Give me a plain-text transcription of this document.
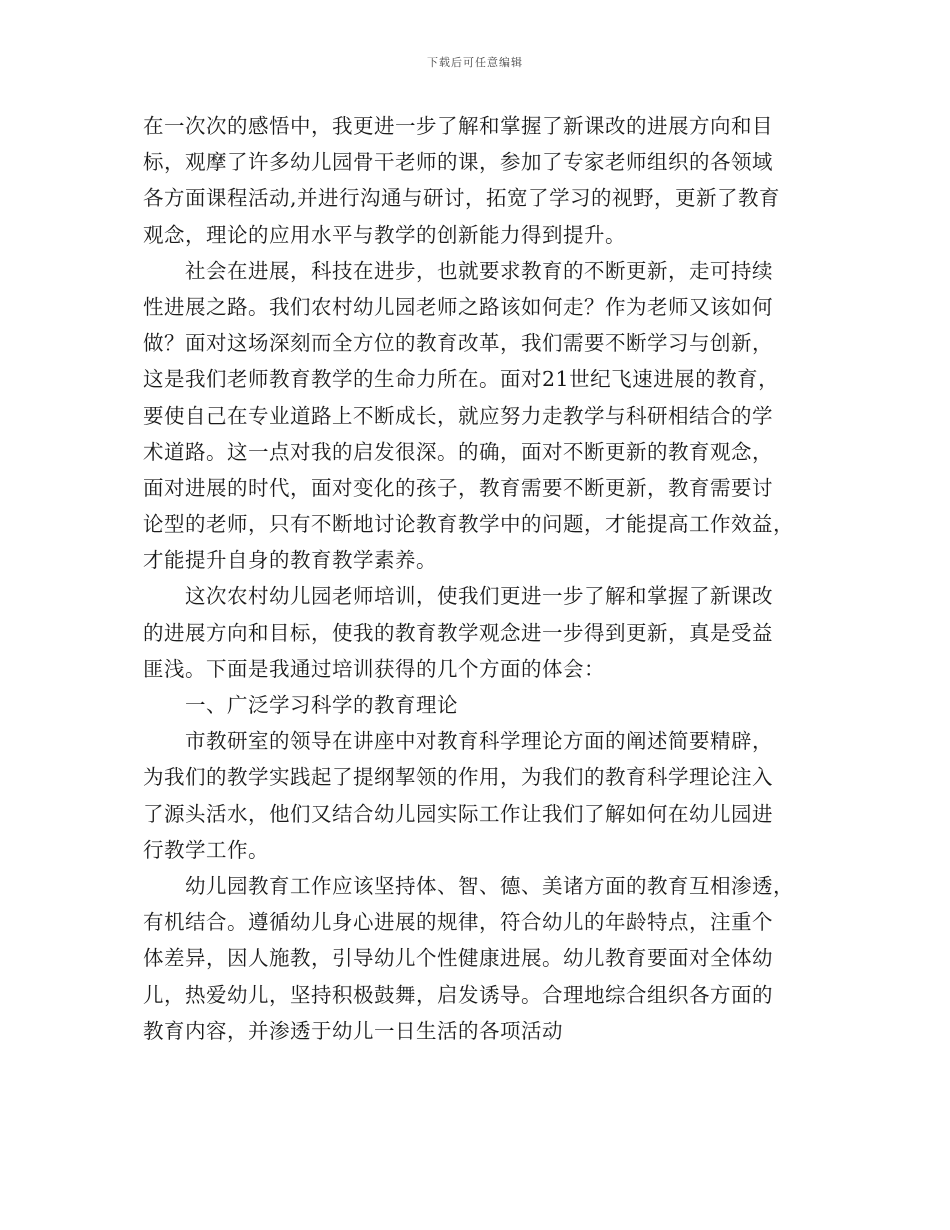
下载后可任意编辑
在一次次的感悟中，我更进一步了解和掌握了新课改的进展方向和目
标，观摩了许多幼儿园骨干老师的课，参加了专家老师组织的各领域
各方面课程活动,并进行沟通与研讨，拓宽了学习的视野，更新了教育
观念，理论的应用水平与教学的创新能力得到提升。
社会在进展，科技在进步，也就要求教育的不断更新，走可持续
性进展之路。我们农村幼儿园老师之路该如何走？作为老师又该如何
做？面对这场深刻而全方位的教育改革，我们需要不断学习与创新，
这是我们老师教育教学的生命力所在。面对21世纪飞速进展的教育，
要使自己在专业道路上不断成长，就应努力走教学与科研相结合的学
术道路。这一点对我的启发很深。的确，面对不断更新的教育观念，
面对进展的时代，面对变化的孩子，教育需要不断更新，教育需要讨
论型的老师，只有不断地讨论教育教学中的问题，才能提高工作效益，
才能提升自身的教育教学素养。
这次农村幼儿园老师培训，使我们更进一步了解和掌握了新课改
的进展方向和目标，使我的教育教学观念进一步得到更新，真是受益
匪浅。下面是我通过培训获得的几个方面的体会：
一、广泛学习科学的教育理论
市教研室的领导在讲座中对教育科学理论方面的阐述简要精辟，
为我们的教学实践起了提纲挈领的作用，为我们的教育科学理论注入
了源头活水，他们又结合幼儿园实际工作让我们了解如何在幼儿园进
行教学工作。
幼儿园教育工作应该坚持体、智、德、美诸方面的教育互相渗透，
有机结合。遵循幼儿身心进展的规律，符合幼儿的年龄特点，注重个
体差异，因人施教，引导幼儿个性健康进展。幼儿教育要面对全体幼
儿，热爱幼儿，坚持积极鼓舞，启发诱导。合理地综合组织各方面的
教育内容，并渗透于幼儿一日生活的各项活动
